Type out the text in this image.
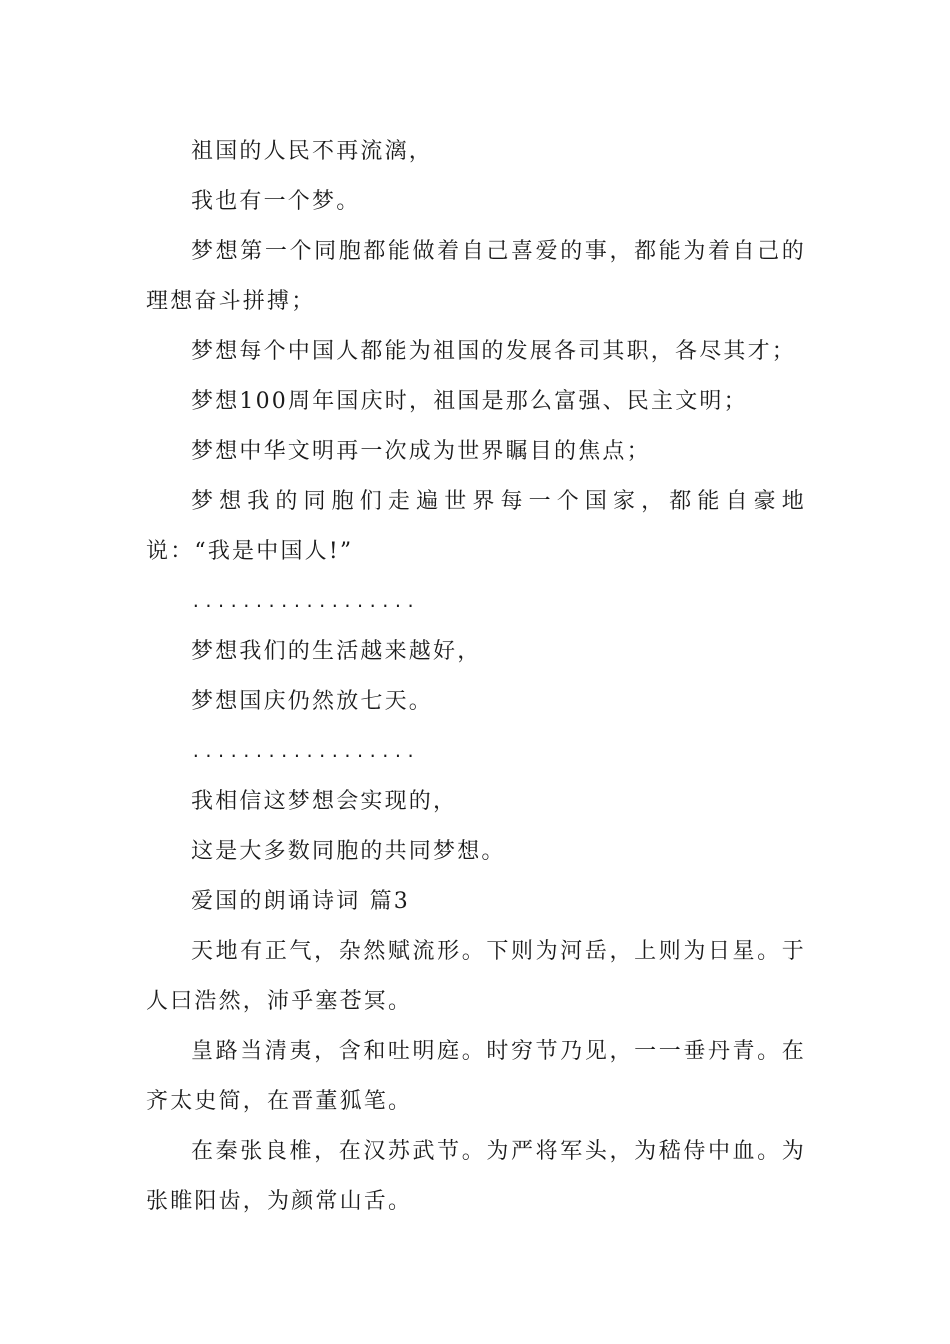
祖国的人民不再流漓，

我也有一个梦。

梦想第一个同胞都能做着自己喜爱的事，都能为着自己的理想奋斗拼搏；

梦想每个中国人都能为祖国的发展各司其职，各尽其才；

梦想100周年国庆时，祖国是那么富强、民主文明；

梦想中华文明再一次成为世界瞩目的焦点；

梦想我的同胞们走遍世界每一个国家，都能自豪地说：“我是中国人!”

..................

梦想我们的生活越来越好，

梦想国庆仍然放七天。

..................

我相信这梦想会实现的，

这是大多数同胞的共同梦想。

爱国的朗诵诗词 篇3

天地有正气，杂然赋流形。下则为河岳，上则为日星。于人曰浩然，沛乎塞苍冥。

皇路当清夷，含和吐明庭。时穷节乃见，一一垂丹青。在齐太史简，在晋董狐笔。

在秦张良椎，在汉苏武节。为严将军头，为嵇侍中血。为张睢阳齿，为颜常山舌。
